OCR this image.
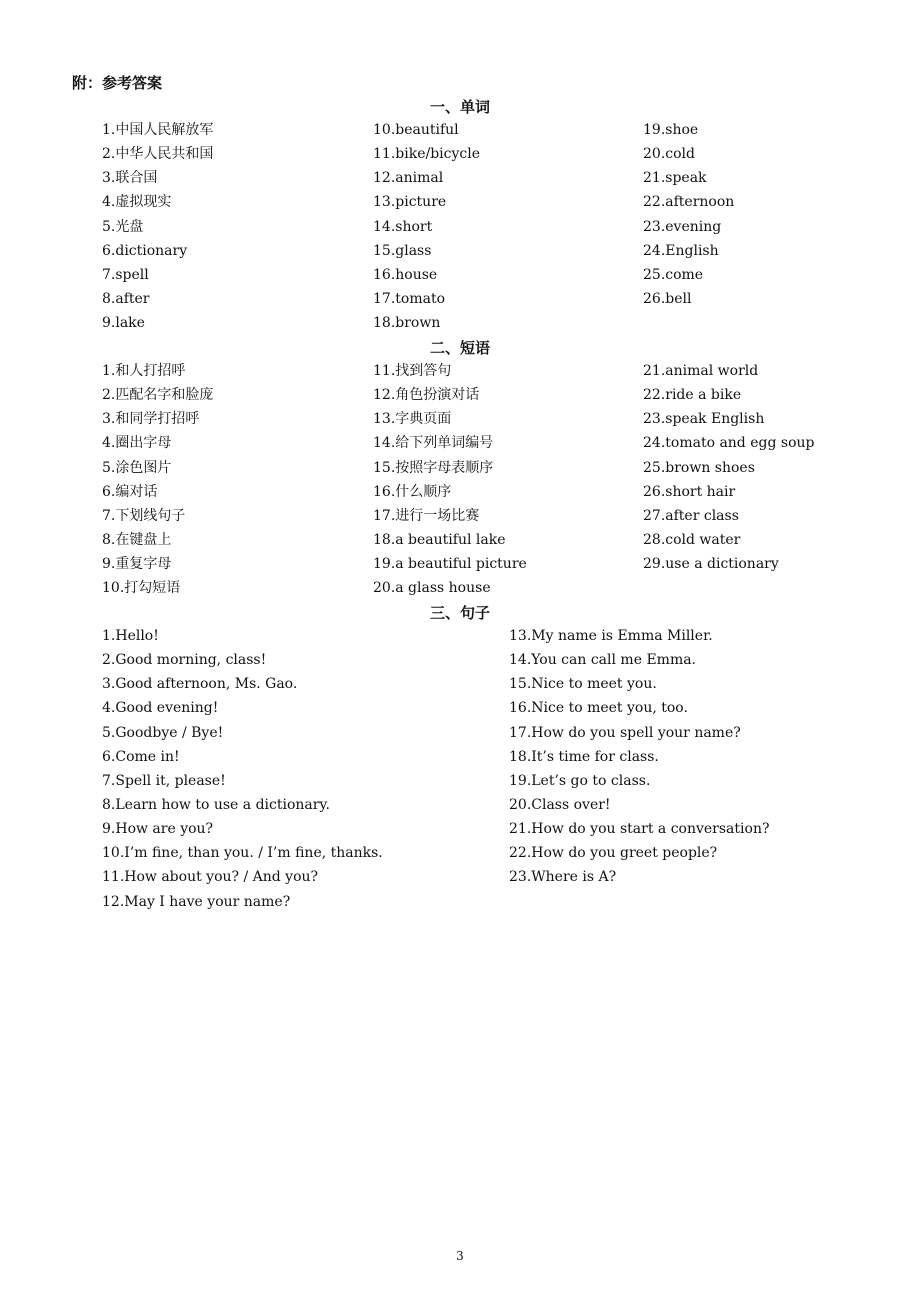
附：参考答案
一、单词
1.中国人民解放军
2.中华人民共和国
3.联合国
4.虚拟现实
5.光盘
6.dictionary
7.spell
8.after
9.lake
10.beautiful
11.bike/bicycle
12.animal
13.picture
14.short
15.glass
16.house
17.tomato
18.brown
19.shoe
20.cold
21.speak
22.afternoon
23.evening
24.English
25.come
26.bell
二、短语
1.和人打招呼
2.匹配名字和脸庞
3.和同学打招呼
4.圈出字母
5.涂色图片
6.编对话
7.下划线句子
8.在键盘上
9.重复字母
10.打勾短语
11.找到答句
12.角色扮演对话
13.字典页面
14.给下列单词编号
15.按照字母表顺序
16.什么顺序
17.进行一场比赛
18.a beautiful lake
19.a beautiful picture
20.a glass house
21.animal world
22.ride a bike
23.speak English
24.tomato and egg soup
25.brown shoes
26.short hair
27.after class
28.cold water
29.use a dictionary
三、句子
1.Hello!
2.Good morning, class!
3.Good afternoon, Ms. Gao.
4.Good evening!
5.Goodbye / Bye!
6.Come in!
7.Spell it, please!
8.Learn how to use a dictionary.
9.How are you?
10.I’m fine, than you. / I’m fine, thanks.
11.How about you? / And you?
12.May I have your name?
13.My name is Emma Miller.
14.You can call me Emma.
15.Nice to meet you.
16.Nice to meet you, too.
17.How do you spell your name?
18.It’s time for class.
19.Let’s go to class.
20.Class over!
21.How do you start a conversation?
22.How do you greet people?
23.Where is A?
3
